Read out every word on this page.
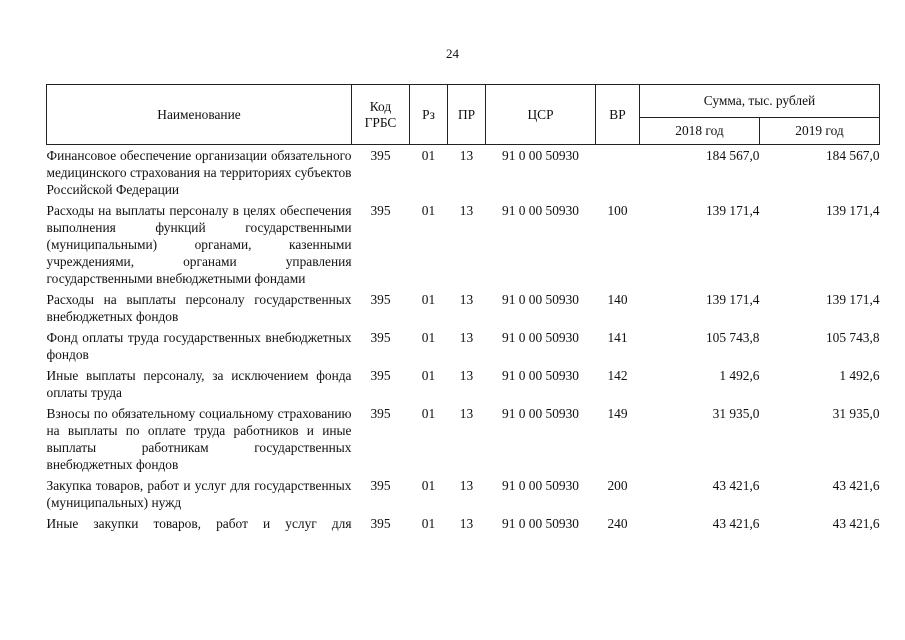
24
Наименование	Код ГРБС	Рз	ПР	ЦСР	ВР	Сумма, тыс. рублей	
						2018 год	2019 год
Финансовое обеспечение организации обязательного медицинского страхования на территориях субъектов Российской Федерации	395	01	13	91 0 00 50930		184 567,0	184 567,0
Расходы на выплаты персоналу в целях обеспечения выполнения функций государственными (муниципальными) органами, казенными учреждениями, органами управления государственными внебюджетными фондами	395	01	13	91 0 00 50930	100	139 171,4	139 171,4
Расходы на выплаты персоналу государственных внебюджетных фондов	395	01	13	91 0 00 50930	140	139 171,4	139 171,4
Фонд оплаты труда государственных внебюджетных фондов	395	01	13	91 0 00 50930	141	105 743,8	105 743,8
Иные выплаты персоналу, за исключением фонда оплаты труда	395	01	13	91 0 00 50930	142	1 492,6	1 492,6
Взносы по обязательному социальному страхованию на выплаты по оплате труда работников и иные выплаты работникам государственных внебюджетных фондов	395	01	13	91 0 00 50930	149	31 935,0	31 935,0
Закупка товаров, работ и услуг для государственных (муниципальных) нужд	395	01	13	91 0 00 50930	200	43 421,6	43 421,6
Иные закупки товаров, работ и услуг для	395	01	13	91 0 00 50930	240	43 421,6	43 421,6
